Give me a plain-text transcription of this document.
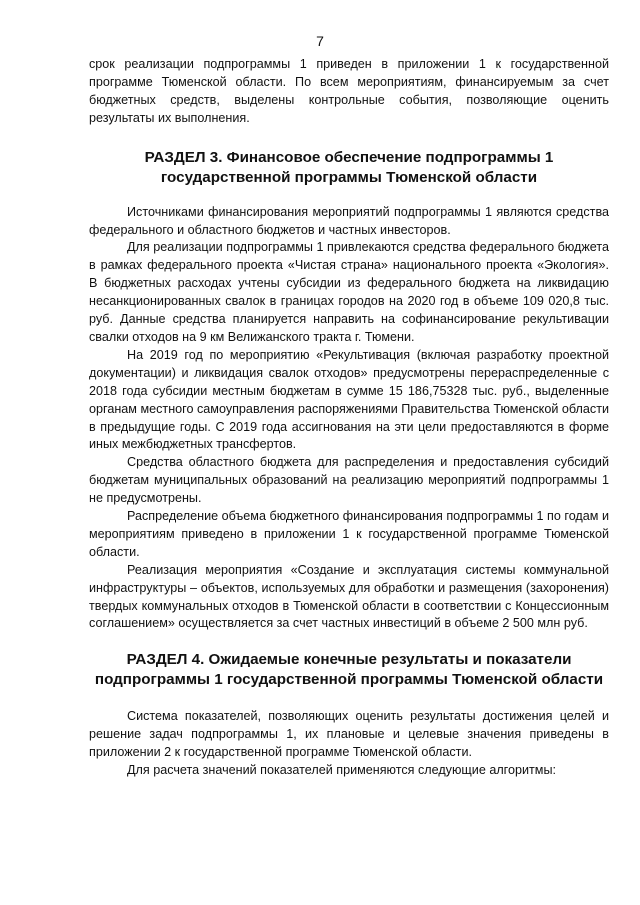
7

срок реализации подпрограммы 1 приведен в приложении 1 к государственной программе Тюменской области. По всем мероприятиям, финансируемым за счет бюджетных средств, выделены контрольные события, позволяющие оценить результаты их выполнения.

РАЗДЕЛ 3. Финансовое обеспечение подпрограммы 1
государственной программы Тюменской области

Источниками финансирования мероприятий подпрограммы 1 являются средства федерального и областного бюджетов и частных инвесторов.

Для реализации подпрограммы 1 привлекаются средства федерального бюджета в рамках федерального проекта «Чистая страна» национального проекта «Экология». В бюджетных расходах учтены субсидии из федерального бюджета на ликвидацию несанкционированных свалок в границах городов на 2020 год в объеме 109 020,8 тыс. руб. Данные средства планируется направить на софинансирование рекультивации свалки отходов на 9 км Велижанского тракта г. Тюмени.

На 2019 год по мероприятию «Рекультивация (включая разработку проектной документации) и ликвидация свалок отходов» предусмотрены перераспределенные с 2018 года субсидии местным бюджетам в сумме 15 186,75328 тыс. руб., выделенные органам местного самоуправления распоряжениями Правительства Тюменской области в предыдущие годы. С 2019 года ассигнования на эти цели предоставляются в форме иных межбюджетных трансфертов.

Средства областного бюджета для распределения и предоставления субсидий бюджетам муниципальных образований на реализацию мероприятий подпрограммы 1 не предусмотрены.

Распределение объема бюджетного финансирования подпрограммы 1 по годам и мероприятиям приведено в приложении 1 к государственной программе Тюменской области.

Реализация мероприятия «Создание и эксплуатация системы коммунальной инфраструктуры – объектов, используемых для обработки и размещения (захоронения) твердых коммунальных отходов в Тюменской области в соответствии с Концессионным соглашением» осуществляется за счет частных инвестиций в объеме 2 500 млн руб.

РАЗДЕЛ 4. Ожидаемые конечные результаты и показатели
подпрограммы 1 государственной программы Тюменской области

Система показателей, позволяющих оценить результаты достижения целей и решение задач подпрограммы 1, их плановые и целевые значения приведены в приложении 2 к государственной программе Тюменской области.

Для расчета значений показателей применяются следующие алгоритмы:
